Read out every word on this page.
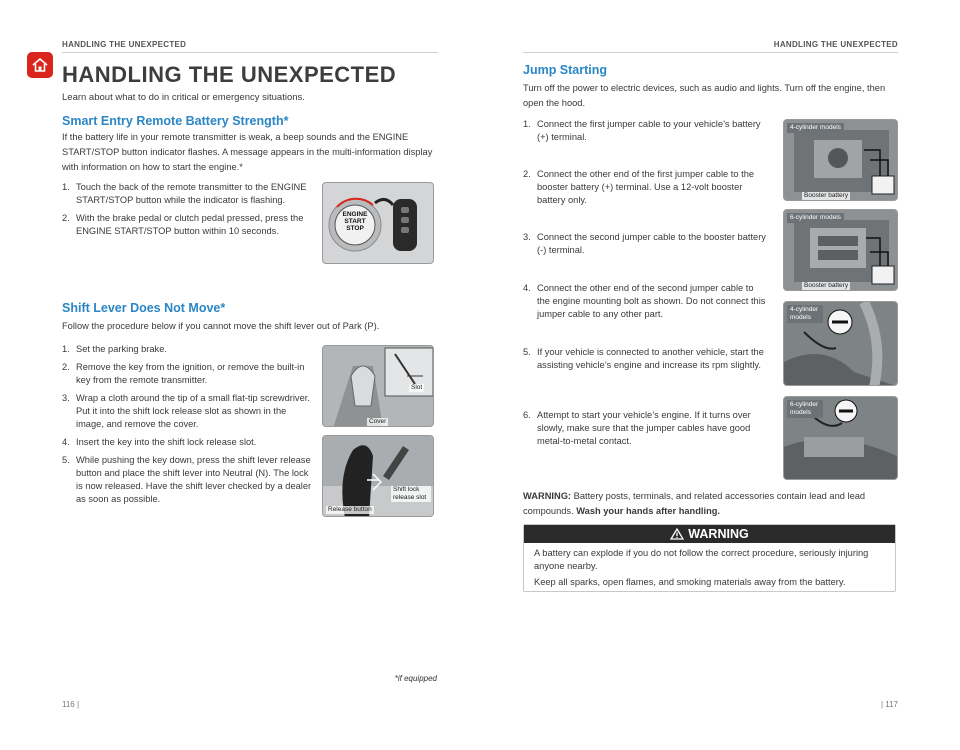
HANDLING THE UNEXPECTED
HANDLING THE UNEXPECTED
Learn about what to do in critical or emergency situations.
Smart Entry Remote Battery Strength*

If the battery life in your remote transmitter is weak, a beep sounds and the ENGINE START/STOP button indicator flashes. A message appears in the multi-information display with information on how to start the engine.*

1. Touch the back of the remote transmitter to the ENGINE START/STOP button while the indicator is flashing.
2. With the brake pedal or clutch pedal pressed, press the ENGINE START/STOP button within 10 seconds.
ENGINE
START
STOP
Shift Lever Does Not Move*

Follow the procedure below if you cannot move the shift lever out of Park (P).

1. Set the parking brake.
2. Remove the key from the ignition, or remove the built-in key from the remote transmitter.
3. Wrap a cloth around the tip of a small flat-tip screwdriver. Put it into the shift lock release slot as shown in the image, and remove the cover.
4. Insert the key into the shift lock release slot.
5. While pushing the key down, press the shift lever release button and place the shift lever into Neutral (N). The lock is now released. Have the shift lever checked by a dealer as soon as possible.
Slot
Cover
Shift lock release slot
Release button
*if equipped
116 |
HANDLING THE UNEXPECTED
Jump Starting

Turn off the power to electric devices, such as audio and lights. Turn off the engine, then open the hood.

1. Connect the first jumper cable to your vehicle’s battery (+) terminal.
2. Connect the other end of the first jumper cable to the booster battery (+) terminal. Use a 12-volt booster battery only.
3. Connect the second jumper cable to the booster battery (-) terminal.
4. Connect the other end of the second jumper cable to the engine mounting bolt as shown. Do not connect this jumper cable to any other part.
5. If your vehicle is connected to another vehicle, start the assisting vehicle’s engine and increase its rpm slightly.
6. Attempt to start your vehicle’s engine. If it turns over slowly, make sure that the jumper cables have good metal-to-metal contact.
4-cylinder models
Booster battery
6-cylinder models
Booster battery
4-cylinder models
6-cylinder models

WARNING: Battery posts, terminals, and related accessories contain lead and lead compounds. Wash your hands after handling.

WARNING

A battery can explode if you do not follow the correct procedure, seriously injuring anyone nearby.

Keep all sparks, open flames, and smoking materials away from the battery.

| 117
